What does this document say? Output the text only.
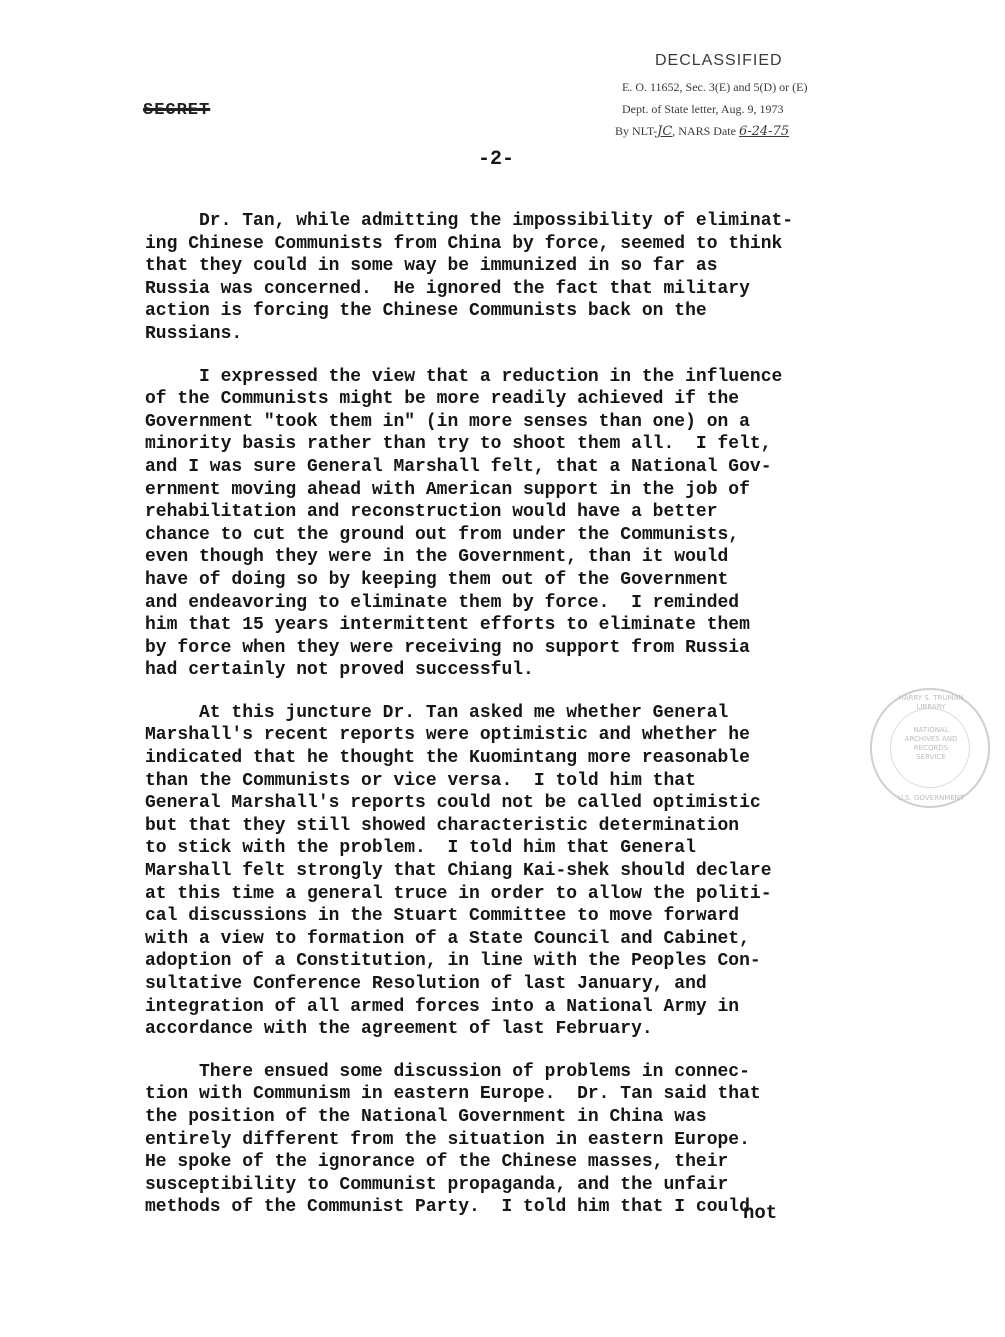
DECLASSIFIED
E. O. 11652, Sec. 3(E) and 5(D) or (E)
Dept. of State letter, Aug. 9, 1973
By NLT-JC, NARS Date 6-24-75
SECRET
-2-

Dr. Tan, while admitting the impossibility of eliminat-
ing Chinese Communists from China by force, seemed to think
that they could in some way be immunized in so far as
Russia was concerned.  He ignored the fact that military
action is forcing the Chinese Communists back on the
Russians.

I expressed the view that a reduction in the influence
of the Communists might be more readily achieved if the
Government "took them in" (in more senses than one) on a
minority basis rather than try to shoot them all.  I felt,
and I was sure General Marshall felt, that a National Gov-
ernment moving ahead with American support in the job of
rehabilitation and reconstruction would have a better
chance to cut the ground out from under the Communists,
even though they were in the Government, than it would
have of doing so by keeping them out of the Government
and endeavoring to eliminate them by force.  I reminded
him that 15 years intermittent efforts to eliminate them
by force when they were receiving no support from Russia
had certainly not proved successful.

At this juncture Dr. Tan asked me whether General
Marshall's recent reports were optimistic and whether he
indicated that he thought the Kuomintang more reasonable
than the Communists or vice versa.  I told him that
General Marshall's reports could not be called optimistic
but that they still showed characteristic determination
to stick with the problem.  I told him that General
Marshall felt strongly that Chiang Kai-shek should declare
at this time a general truce in order to allow the politi-
cal discussions in the Stuart Committee to move forward
with a view to formation of a State Council and Cabinet,
adoption of a Constitution, in line with the Peoples Con-
sultative Conference Resolution of last January, and
integration of all armed forces into a National Army in
accordance with the agreement of last February.

There ensued some discussion of problems in connec-
tion with Communism in eastern Europe.  Dr. Tan said that
the position of the National Government in China was
entirely different from the situation in eastern Europe.
He spoke of the ignorance of the Chinese masses, their
susceptibility to Communist propaganda, and the unfair
methods of the Communist Party.  I told him that I could

not
HARRY S. TRUMAN LIBRARY
NATIONAL
ARCHIVES AND
RECORDS
SERVICE
U.S. GOVERNMENT
